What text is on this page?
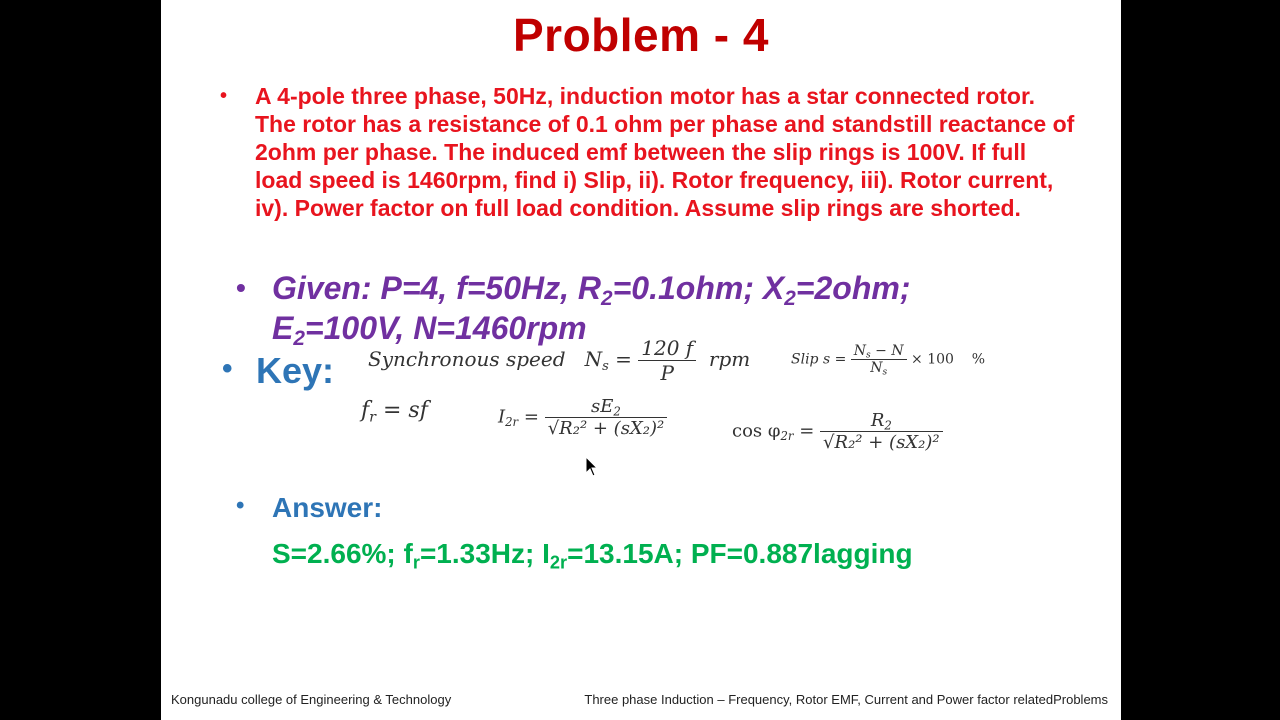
Problem - 4
• A 4-pole three phase, 50Hz, induction motor has a star connected rotor. The rotor has a resistance of 0.1 ohm per phase and standstill reactance of 2ohm per phase. The induced emf between the slip rings is 100V. If full load speed is 1460rpm, find i) Slip, ii). Rotor frequency, iii). Rotor current, iv). Power factor on full load condition. Assume slip rings are shorted.
• Given: P=4, f=50Hz, $R_2=0.1ohm$; $X_2=2ohm$;
$E_2=100V$, N=1460rpm
• Key: Synchronous speed $N_s = \frac{120 f}{P}$ rpm	Slip $s = \frac{N_s - N}{N_s} \times 100$ %
$f_r$ = sf	$I_{2r} = \frac{sE_2}{\text{√R₂² + (sX₂)²}}$	$\cos \varphi_{2r} = \frac{R_2}{\text{√R₂² + (sX₂)²}}$
• Answer:
S=2.66%; $f_r=1.33Hz$; $I_{2r}=13.15A$; PF=0.887lagging
Kongunadu college of Engineering & Technology	Three phase Induction – Frequency, Rotor EMF, Current and Power factor relatedProblems
